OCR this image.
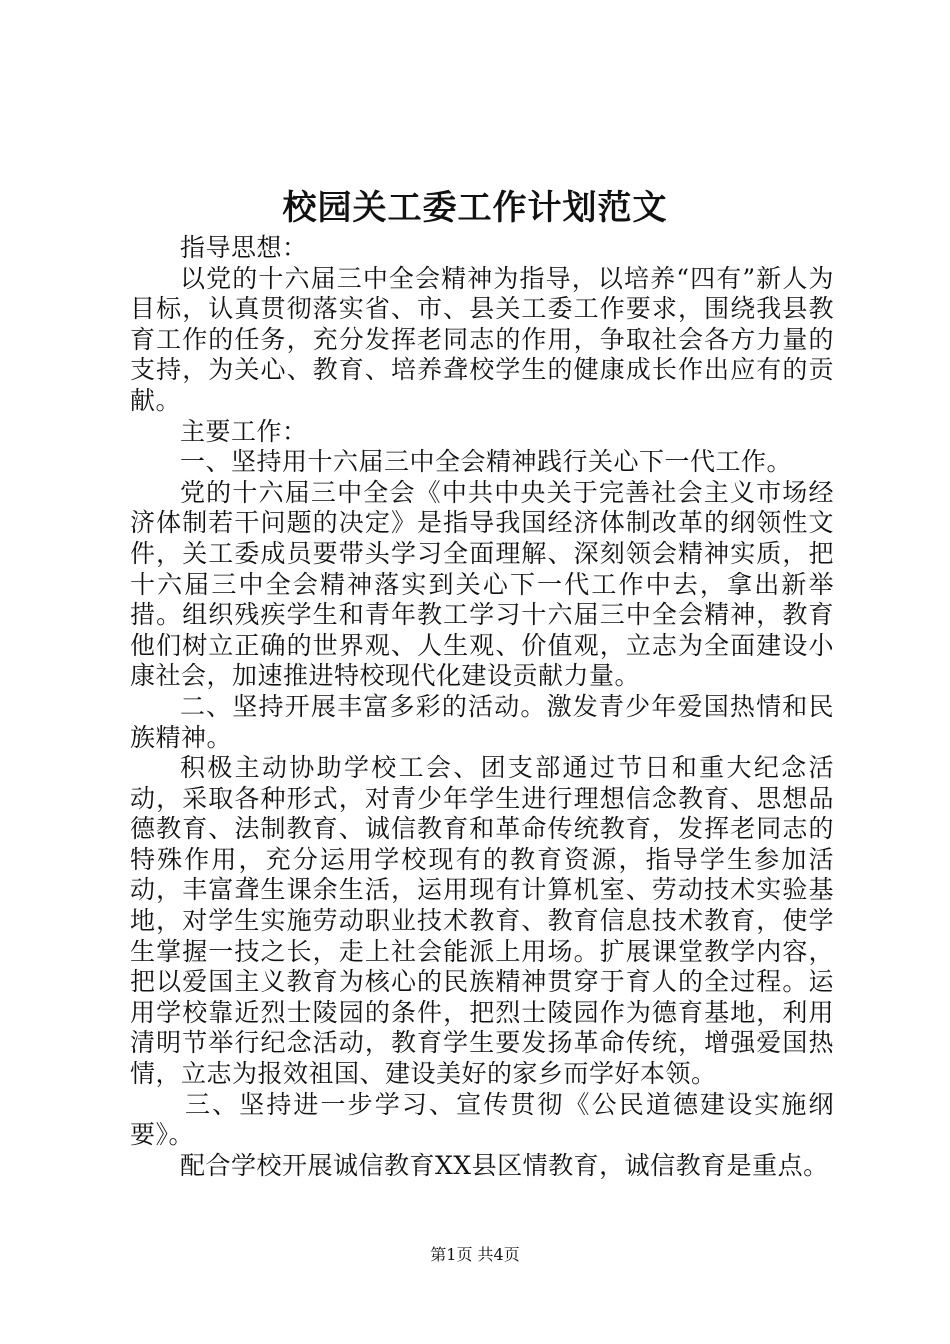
校园关工委工作计划范文

指导思想：

以党的十六届三中全会精神为指导，以培养“四有”新人为目标，认真贯彻落实省、市、县关工委工作要求，围绕我县教育工作的任务，充分发挥老同志的作用，争取社会各方力量的支持，为关心、教育、培养聋校学生的健康成长作出应有的贡献。

主要工作：

一、坚持用十六届三中全会精神践行关心下一代工作。

党的十六届三中全会《中共中央关于完善社会主义市场经济体制若干问题的决定》是指导我国经济体制改革的纲领性文件，关工委成员要带头学习全面理解、深刻领会精神实质，把十六届三中全会精神落实到关心下一代工作中去，拿出新举措。组织残疾学生和青年教工学习十六届三中全会精神，教育他们树立正确的世界观、人生观、价值观，立志为全面建设小康社会，加速推进特校现代化建设贡献力量。

二、坚持开展丰富多彩的活动。激发青少年爱国热情和民族精神。

积极主动协助学校工会、团支部通过节日和重大纪念活动，采取各种形式，对青少年学生进行理想信念教育、思想品德教育、法制教育、诚信教育和革命传统教育，发挥老同志的特殊作用，充分运用学校现有的教育资源，指导学生参加活动，丰富聋生课余生活，运用现有计算机室、劳动技术实验基地，对学生实施劳动职业技术教育、教育信息技术教育，使学生掌握一技之长，走上社会能派上用场。扩展课堂教学内容，把以爱国主义教育为核心的民族精神贯穿于育人的全过程。运用学校靠近烈士陵园的条件，把烈士陵园作为德育基地，利用清明节举行纪念活动，教育学生要发扬革命传统，增强爱国热情，立志为报效祖国、建设美好的家乡而学好本领。

三、坚持进一步学习、宣传贯彻《公民道德建设实施纲要》。

配合学校开展诚信教育XX县区情教育，诚信教育是重点。

第1页 共4页
